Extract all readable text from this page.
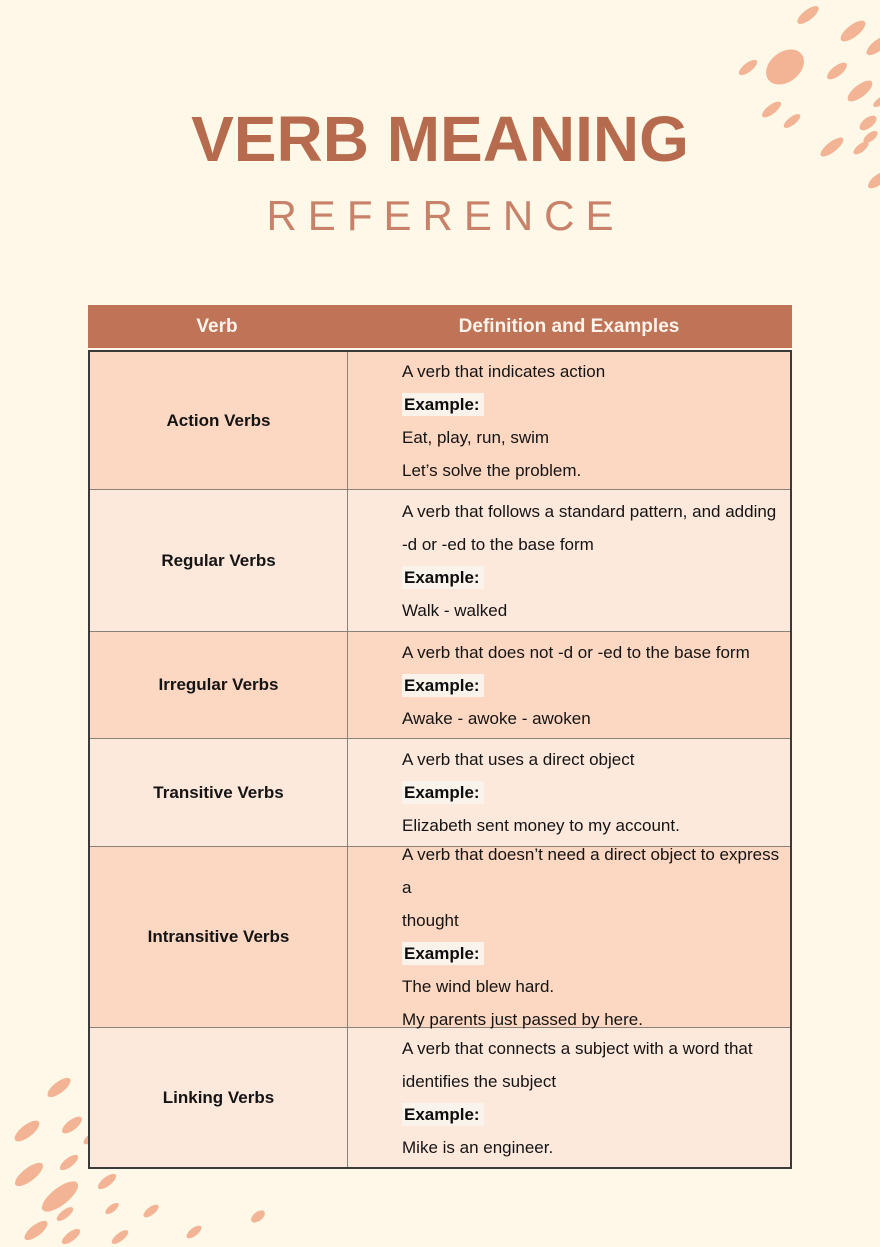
VERB MEANING
REFERENCE
Verb	Definition and Examples
Action Verbs
A verb that indicates action
Example:
Eat, play, run, swim
Let’s solve the problem.
Regular Verbs
A verb that follows a standard pattern, and adding
-d or -ed to the base form
Example:
Walk - walked
Irregular Verbs
A verb that does not -d or -ed to the base form
Example:
Awake - awoke - awoken
Transitive Verbs
A verb that uses a direct object
Example:
Elizabeth sent money to my account.
Intransitive Verbs
A verb that doesn’t need a direct object to express a
thought
Example:
The wind blew hard.
My parents just passed by here.
Linking Verbs
A verb that connects a subject with a word that
identifies the subject
Example:
Mike is an engineer.
